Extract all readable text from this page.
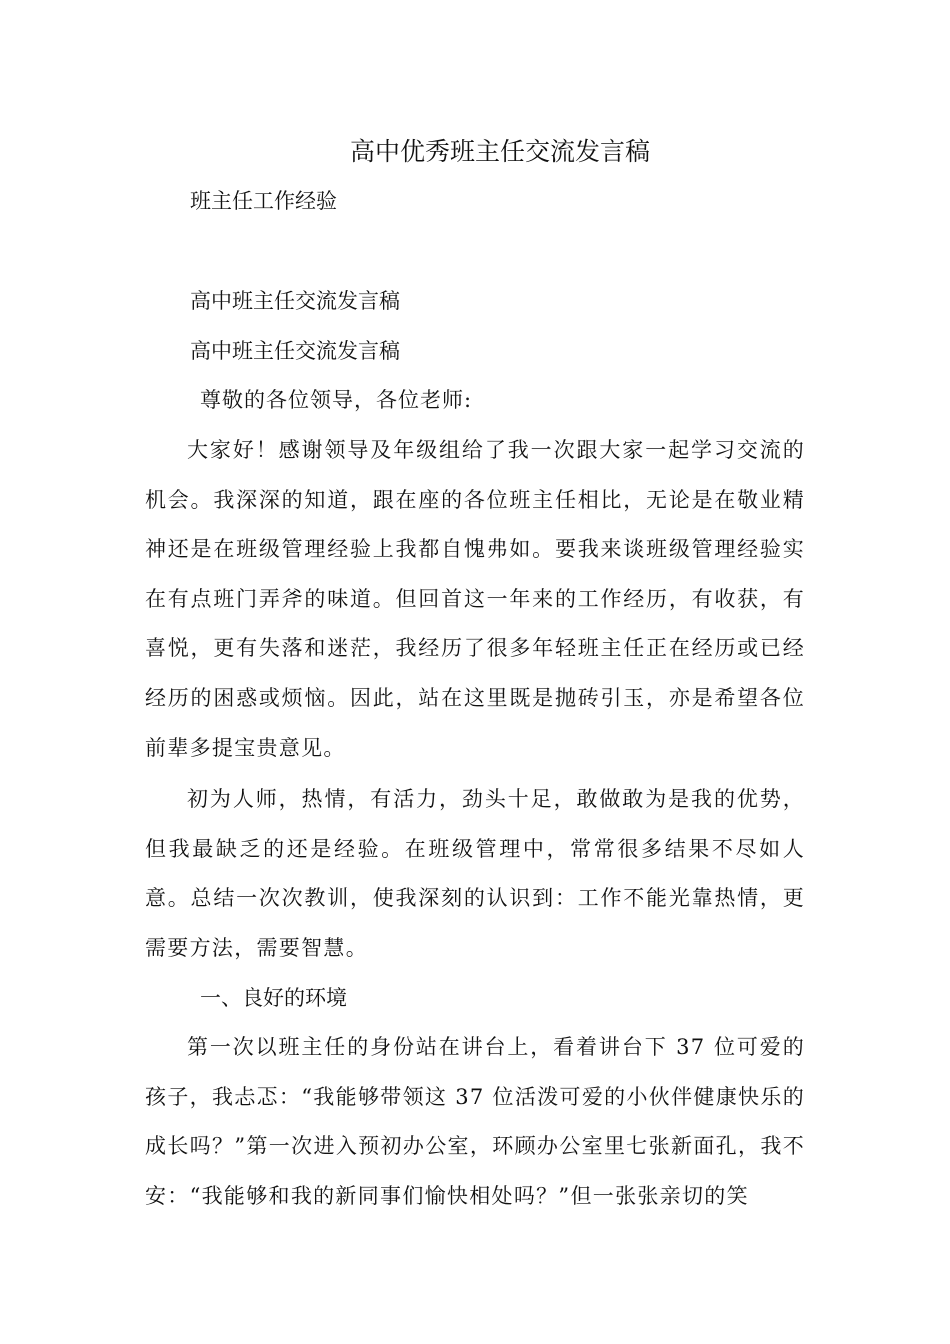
高中优秀班主任交流发言稿
班主任工作经验
高中班主任交流发言稿
高中班主任交流发言稿
尊敬的各位领导，各位老师:
大家好！感谢领导及年级组给了我一次跟大家一起学习交流的机会。我深深的知道，跟在座的各位班主任相比，无论是在敬业精神还是在班级管理经验上我都自愧弗如。要我来谈班级管理经验实在有点班门弄斧的味道。但回首这一年来的工作经历，有收获，有喜悦，更有失落和迷茫，我经历了很多年轻班主任正在经历或已经经历的困惑或烦恼。因此，站在这里既是抛砖引玉，亦是希望各位前辈多提宝贵意见。
初为人师，热情，有活力，劲头十足，敢做敢为是我的优势，但我最缺乏的还是经验。在班级管理中，常常很多结果不尽如人意。总结一次次教训，使我深刻的认识到：工作不能光靠热情，更需要方法，需要智慧。
一、良好的环境
第一次以班主任的身份站在讲台上，看着讲台下 37 位可爱的孩子，我忐忑：“我能够带领这 37 位活泼可爱的小伙伴健康快乐的成长吗？”第一次进入预初办公室，环顾办公室里七张新面孔，我不安：“我能够和我的新同事们愉快相处吗？”但一张张亲切的笑
